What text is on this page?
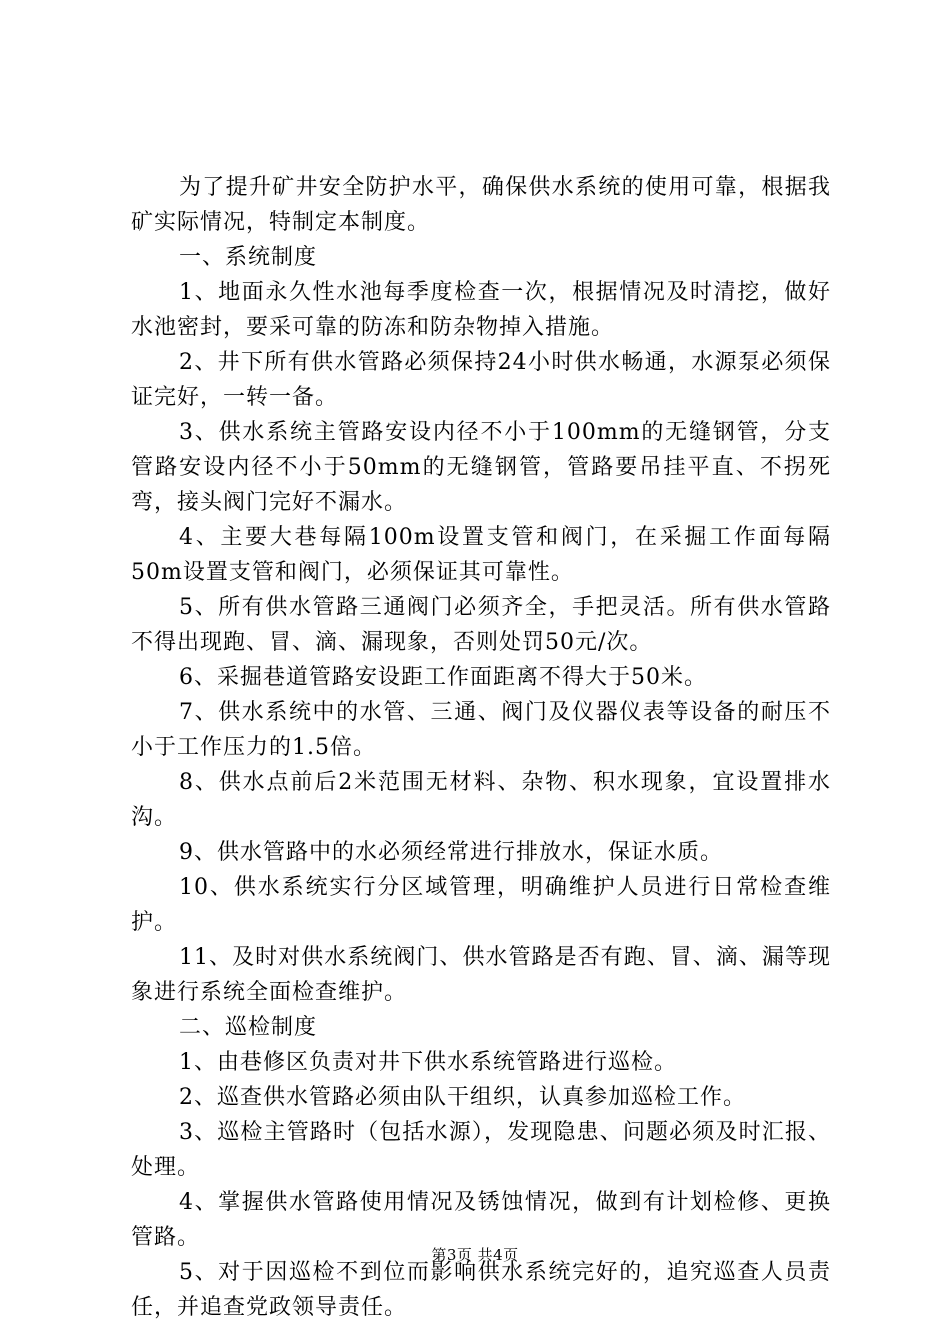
为了提升矿井安全防护水平，确保供水系统的使用可靠，根据我矿实际情况，特制定本制度。

一、系统制度

1、地面永久性水池每季度检查一次，根据情况及时清挖，做好水池密封，要采可靠的防冻和防杂物掉入措施。

2、井下所有供水管路必须保持24小时供水畅通，水源泵必须保证完好，一转一备。

3、供水系统主管路安设内径不小于100mm的无缝钢管，分支管路安设内径不小于50mm的无缝钢管，管路要吊挂平直、不拐死弯，接头阀门完好不漏水。

4、主要大巷每隔100m设置支管和阀门，在采掘工作面每隔50m设置支管和阀门，必须保证其可靠性。

5、所有供水管路三通阀门必须齐全，手把灵活。所有供水管路不得出现跑、冒、滴、漏现象，否则处罚50元/次。

6、采掘巷道管路安设距工作面距离不得大于50米。

7、供水系统中的水管、三通、阀门及仪器仪表等设备的耐压不小于工作压力的1.5倍。

8、供水点前后2米范围无材料、杂物、积水现象，宜设置排水沟。

9、供水管路中的水必须经常进行排放水，保证水质。

10、供水系统实行分区域管理，明确维护人员进行日常检查维护。

11、及时对供水系统阀门、供水管路是否有跑、冒、滴、漏等现象进行系统全面检查维护。

二、巡检制度

1、由巷修区负责对井下供水系统管路进行巡检。

2、巡查供水管路必须由队干组织，认真参加巡检工作。

3、巡检主管路时（包括水源），发现隐患、问题必须及时汇报、处理。

4、掌握供水管路使用情况及锈蚀情况，做到有计划检修、更换管路。

5、对于因巡检不到位而影响供水系统完好的，追究巡查人员责任，并追查党政领导责任。

第3页 共4页
